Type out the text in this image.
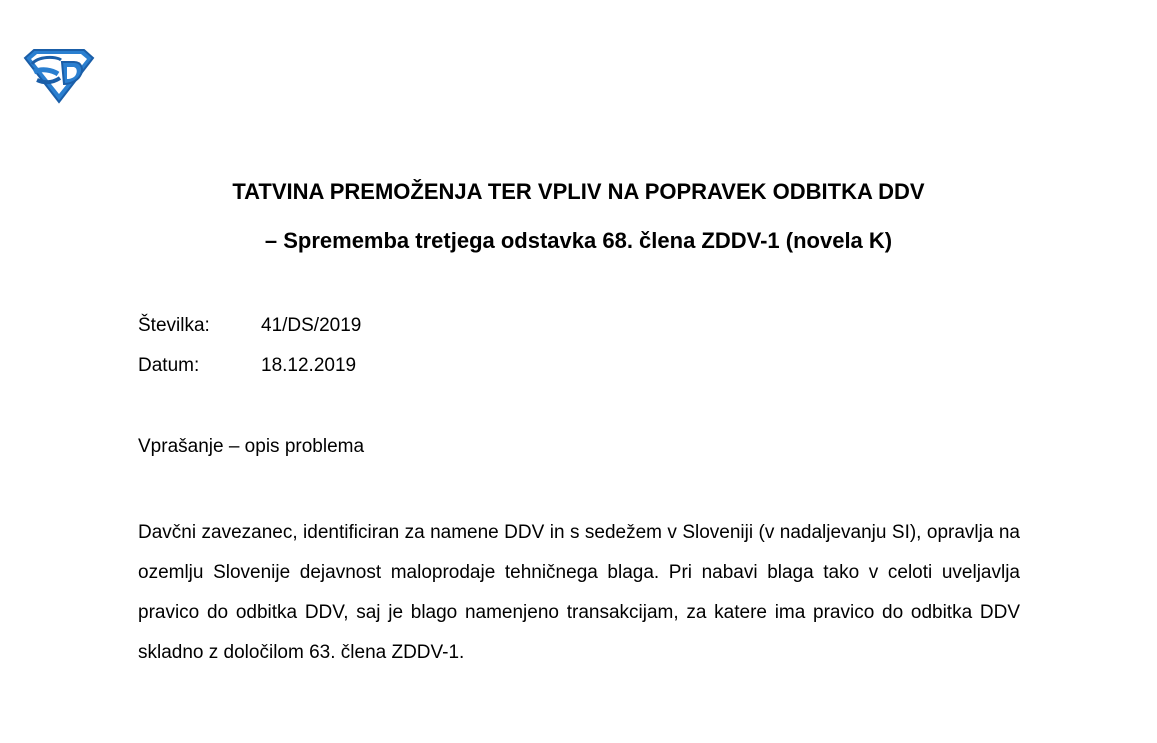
TATVINA PREMOŽENJA TER VPLIV NA POPRAVEK ODBITKA DDV
– Sprememba tretjega odstavka 68. člena ZDDV-1 (novela K)
Številka:	41/DS/2019
Datum:	18.12.2019
Vprašanje – opis problema
Davčni zavezanec, identificiran za namene DDV in s sedežem v Sloveniji (v nadaljevanju SI), opravlja na ozemlju Slovenije dejavnost maloprodaje tehničnega blaga. Pri nabavi blaga tako v celoti uveljavlja pravico do odbitka DDV, saj je blago namenjeno transakcijam, za katere ima pravico do odbitka DDV skladno z določilom 63. člena ZDDV-1.
